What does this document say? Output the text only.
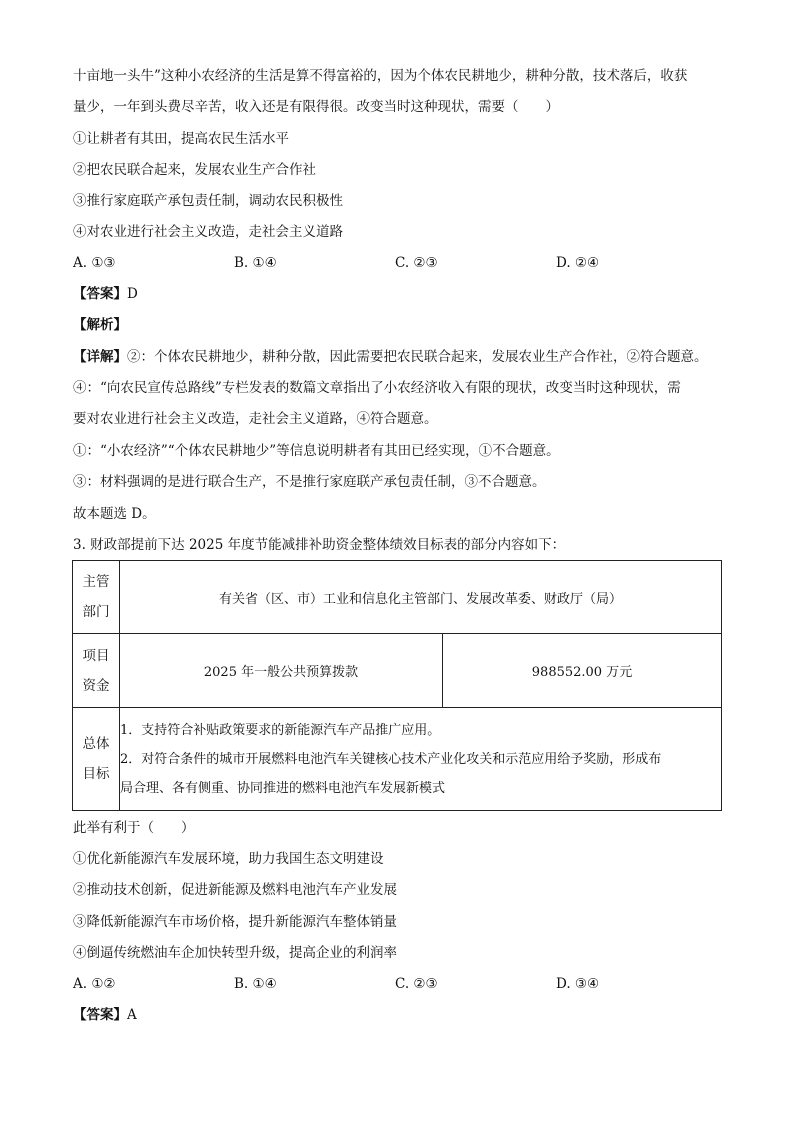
十亩地一头牛”这种小农经济的生活是算不得富裕的，因为个体农民耕地少，耕种分散，技术落后，收获
量少，一年到头费尽辛苦，收入还是有限得很。改变当时这种现状，需要（　　）
①让耕者有其田，提高农民生活水平
②把农民联合起来，发展农业生产合作社
③推行家庭联产承包责任制，调动农民积极性
④对农业进行社会主义改造，走社会主义道路
A. ①③	B. ①④	C. ②③	D. ②④
【答案】D
【解析】
【详解】②：个体农民耕地少，耕种分散，因此需要把农民联合起来，发展农业生产合作社，②符合题意。
④：“向农民宣传总路线”专栏发表的数篇文章指出了小农经济收入有限的现状，改变当时这种现状，需
要对农业进行社会主义改造，走社会主义道路，④符合题意。
①：“小农经济”“个体农民耕地少”等信息说明耕者有其田已经实现，①不合题意。
③：材料强调的是进行联合生产，不是推行家庭联产承包责任制，③不合题意。
故本题选 D。
3. 财政部提前下达 2025 年度节能减排补助资金整体绩效目标表的部分内容如下：
主管
部门	有关省（区、市）工业和信息化主管部门、发展改革委、财政厅（局）	

项目
资金	2025 年一般公共预算拨款	988552.00 万元

总体
目标	1．支持符合补贴政策要求的新能源汽车产品推广应用。
2．对符合条件的城市开展燃料电池汽车关键核心技术产业化攻关和示范应用给予奖励，形成布
局合理、各有侧重、协同推进的燃料电池汽车发展新模式	
此举有利于（　　）
①优化新能源汽车发展环境，助力我国生态文明建设
②推动技术创新，促进新能源及燃料电池汽车产业发展
③降低新能源汽车市场价格，提升新能源汽车整体销量
④倒逼传统燃油车企加快转型升级，提高企业的利润率
A. ①②	B. ①④	C. ②③	D. ③④
【答案】A
